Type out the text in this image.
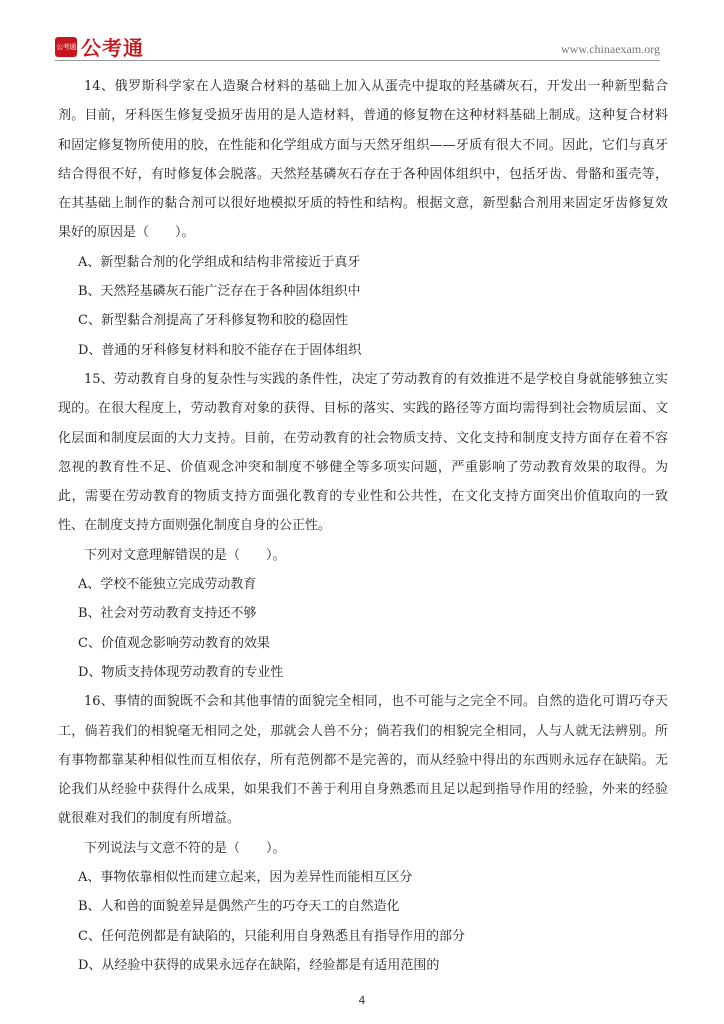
公考通 公考通	www.chinaexam.org

14、俄罗斯科学家在人造聚合材料的基础上加入从蛋壳中提取的羟基磷灰石，开发出一种新型黏合剂。目前，牙科医生修复受损牙齿用的是人造材料，普通的修复物在这种材料基础上制成。这种复合材料和固定修复物所使用的胶，在性能和化学组成方面与天然牙组织——牙质有很大不同。因此，它们与真牙结合得很不好，有时修复体会脱落。天然羟基磷灰石存在于各种固体组织中，包括牙齿、骨骼和蛋壳等，在其基础上制作的黏合剂可以很好地模拟牙质的特性和结构。根据文意，新型黏合剂用来固定牙齿修复效果好的原因是（　　）。

A、新型黏合剂的化学组成和结构非常接近于真牙

B、天然羟基磷灰石能广泛存在于各种固体组织中

C、新型黏合剂提高了牙科修复物和胶的稳固性

D、普通的牙科修复材料和胶不能存在于固体组织

15、劳动教育自身的复杂性与实践的条件性，决定了劳动教育的有效推进不是学校自身就能够独立实现的。在很大程度上，劳动教育对象的获得、目标的落实、实践的路径等方面均需得到社会物质层面、文化层面和制度层面的大力支持。目前，在劳动教育的社会物质支持、文化支持和制度支持方面存在着不容忽视的教育性不足、价值观念冲突和制度不够健全等多项实问题，严重影响了劳动教育效果的取得。为此，需要在劳动教育的物质支持方面强化教育的专业性和公共性，在文化支持方面突出价值取向的一致性、在制度支持方面则强化制度自身的公正性。

下列对文意理解错误的是（　　）。

A、学校不能独立完成劳动教育

B、社会对劳动教育支持还不够

C、价值观念影响劳动教育的效果

D、物质支持体现劳动教育的专业性

16、事情的面貌既不会和其他事情的面貌完全相同，也不可能与之完全不同。自然的造化可谓巧夺天工，倘若我们的相貌毫无相同之处，那就会人兽不分；倘若我们的相貌完全相同，人与人就无法辨别。所有事物都靠某种相似性而互相依存，所有范例都不是完善的，而从经验中得出的东西则永远存在缺陷。无论我们从经验中获得什么成果，如果我们不善于利用自身熟悉而且足以起到指导作用的经验，外来的经验就很难对我们的制度有所增益。

下列说法与文意不符的是（　　）。

A、事物依靠相似性而建立起来，因为差异性而能相互区分

B、人和兽的面貌差异是偶然产生的巧夺天工的自然造化

C、任何范例都是有缺陷的，只能利用自身熟悉且有指导作用的部分

D、从经验中获得的成果永远存在缺陷，经验都是有适用范围的

4
